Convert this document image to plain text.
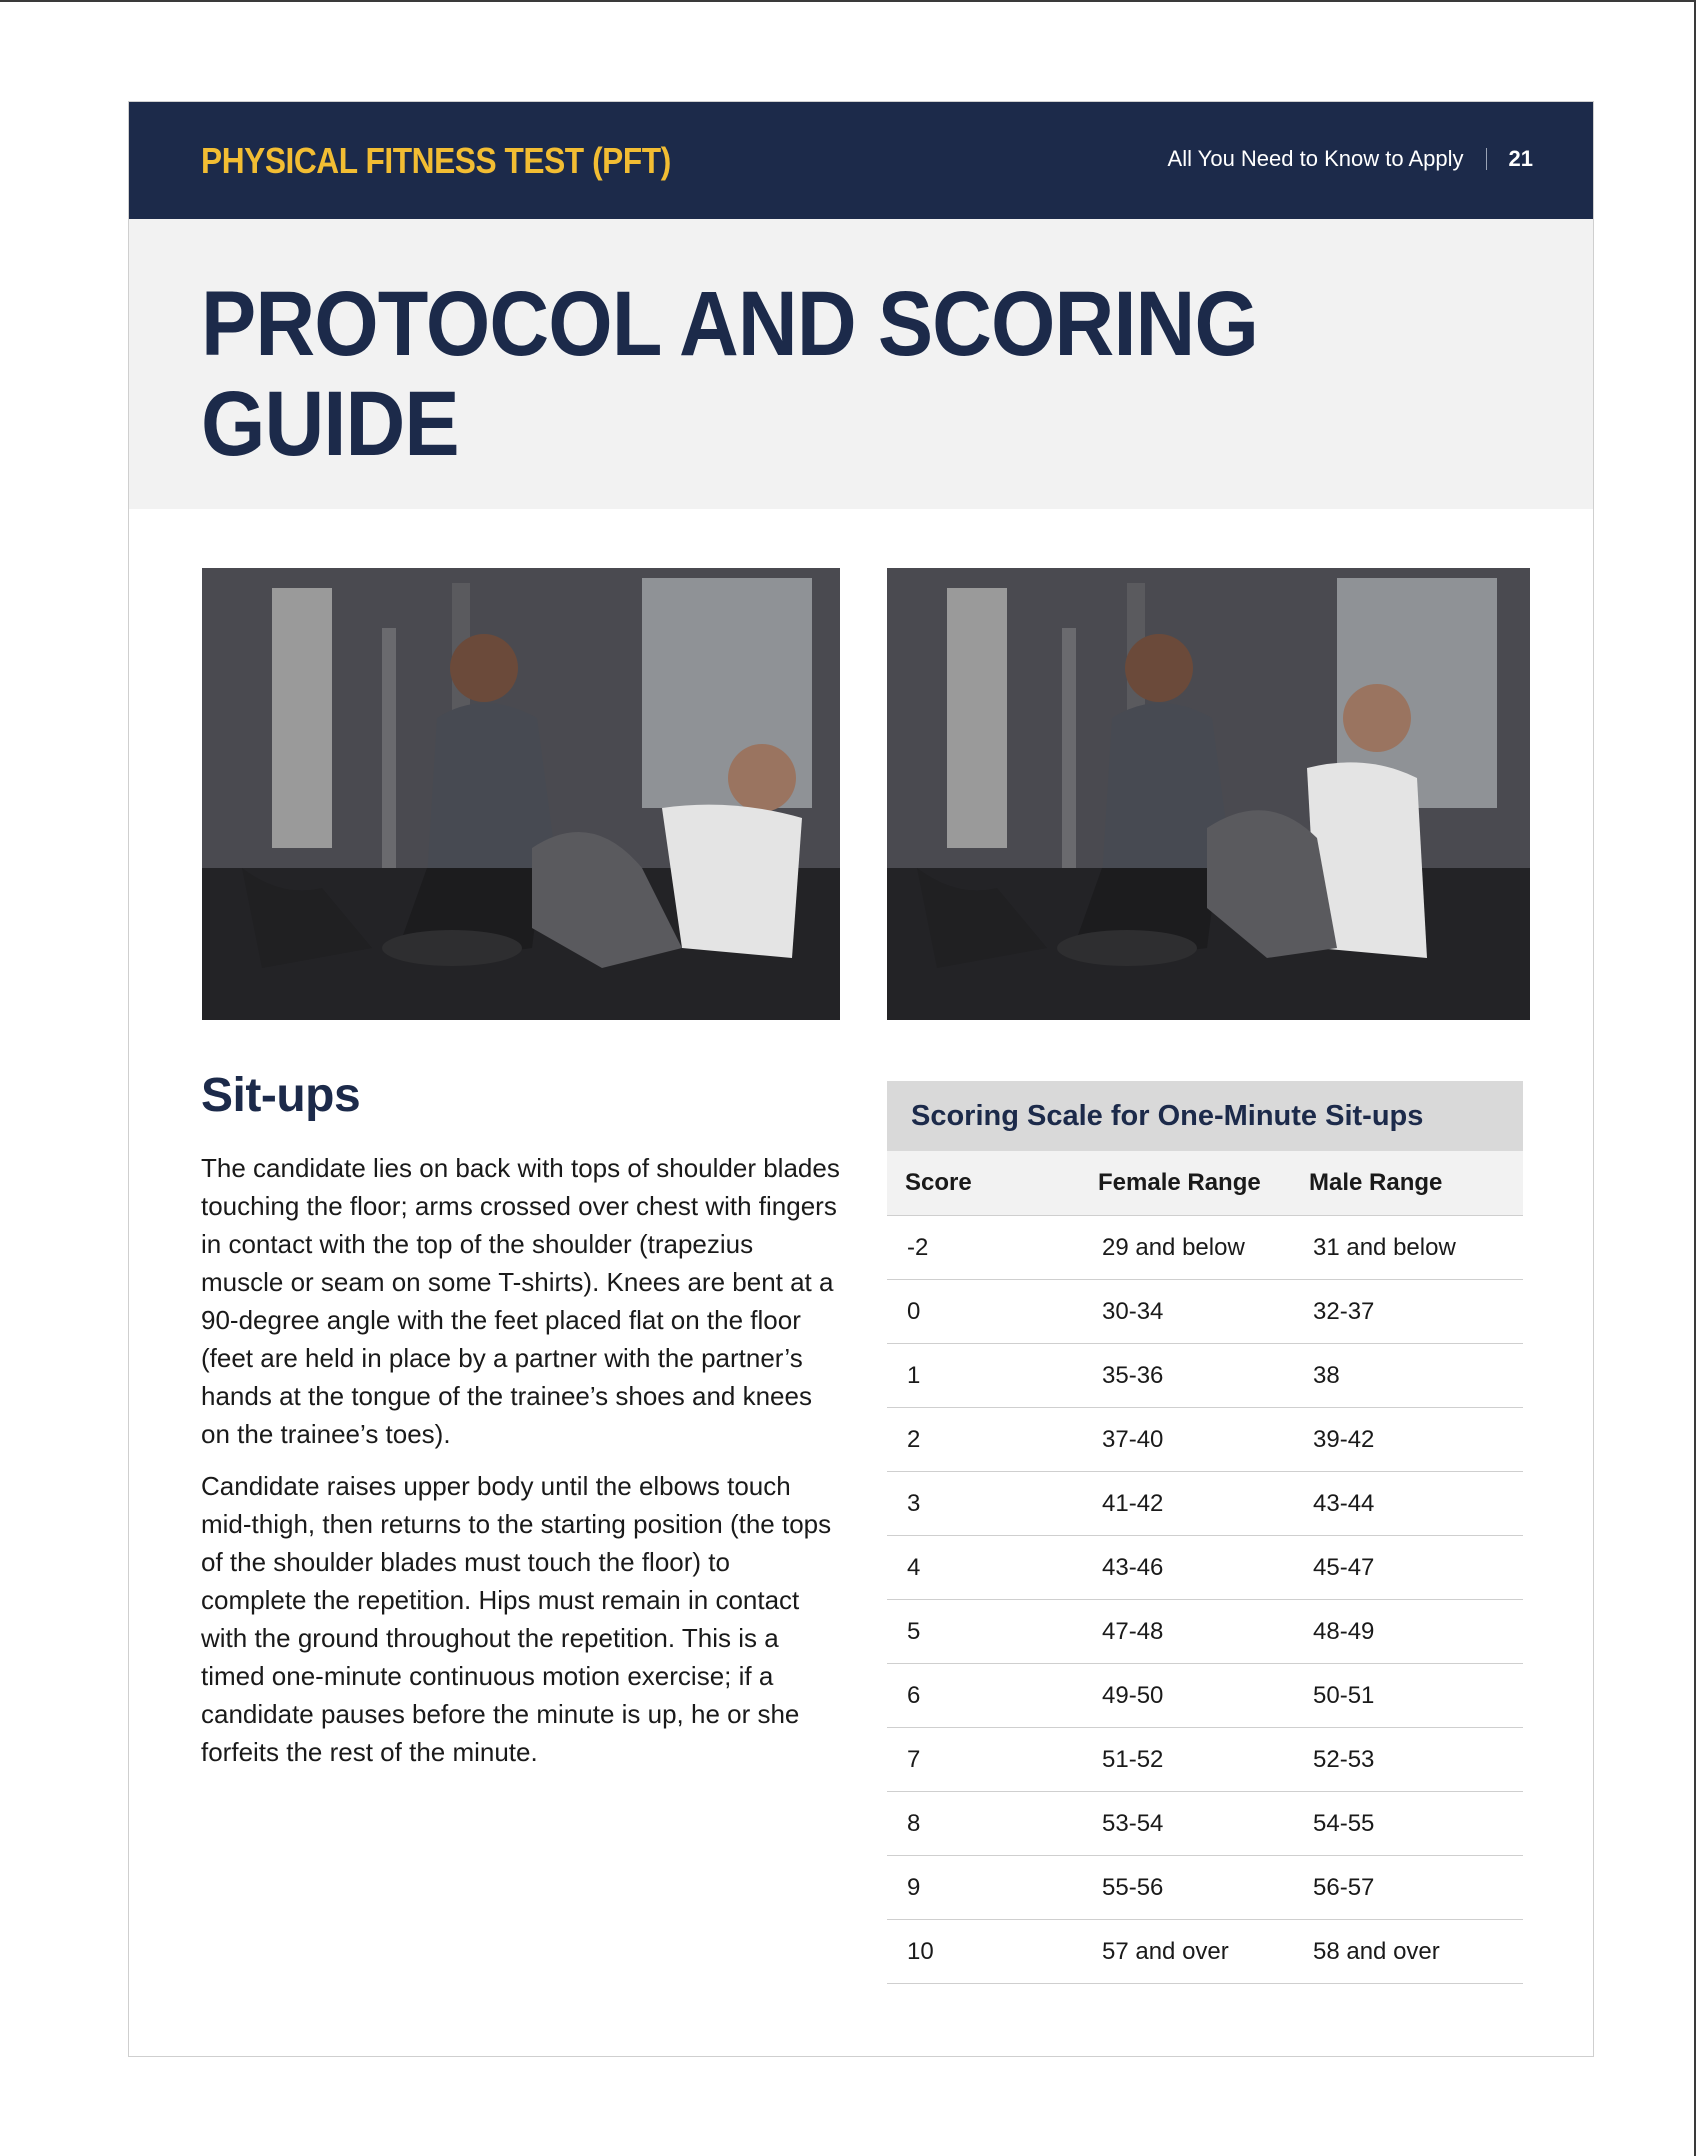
PHYSICAL FITNESS TEST (PFT)	All You Need to Know to Apply 21
PROTOCOL AND SCORING
GUIDE
Sit-ups

The candidate lies on back with tops of shoulder blades touching the floor; arms crossed over chest with fingers in contact with the top of the shoulder (trapezius muscle or seam on some T-shirts). Knees are bent at a 90-degree angle with the feet placed flat on the floor (feet are held in place by a partner with the partner’s hands at the tongue of the trainee’s shoes and knees on the trainee’s toes).

Candidate raises upper body until the elbows touch mid-thigh, then returns to the starting position (the tops of the shoulder blades must touch the floor) to complete the repetition. Hips must remain in contact with the ground throughout the repetition. This is a timed one-minute continuous motion exercise; if a candidate pauses before the minute is up, he or she forfeits the rest of the minute.

Scoring Scale for One-Minute Sit-ups
Score	Female Range	Male Range
-2	29 and below	31 and below
0	30-34	32-37
1	35-36	38
2	37-40	39-42
3	41-42	43-44
4	43-46	45-47
5	47-48	48-49
6	49-50	50-51
7	51-52	52-53
8	53-54	54-55
9	55-56	56-57
10	57 and over	58 and over
